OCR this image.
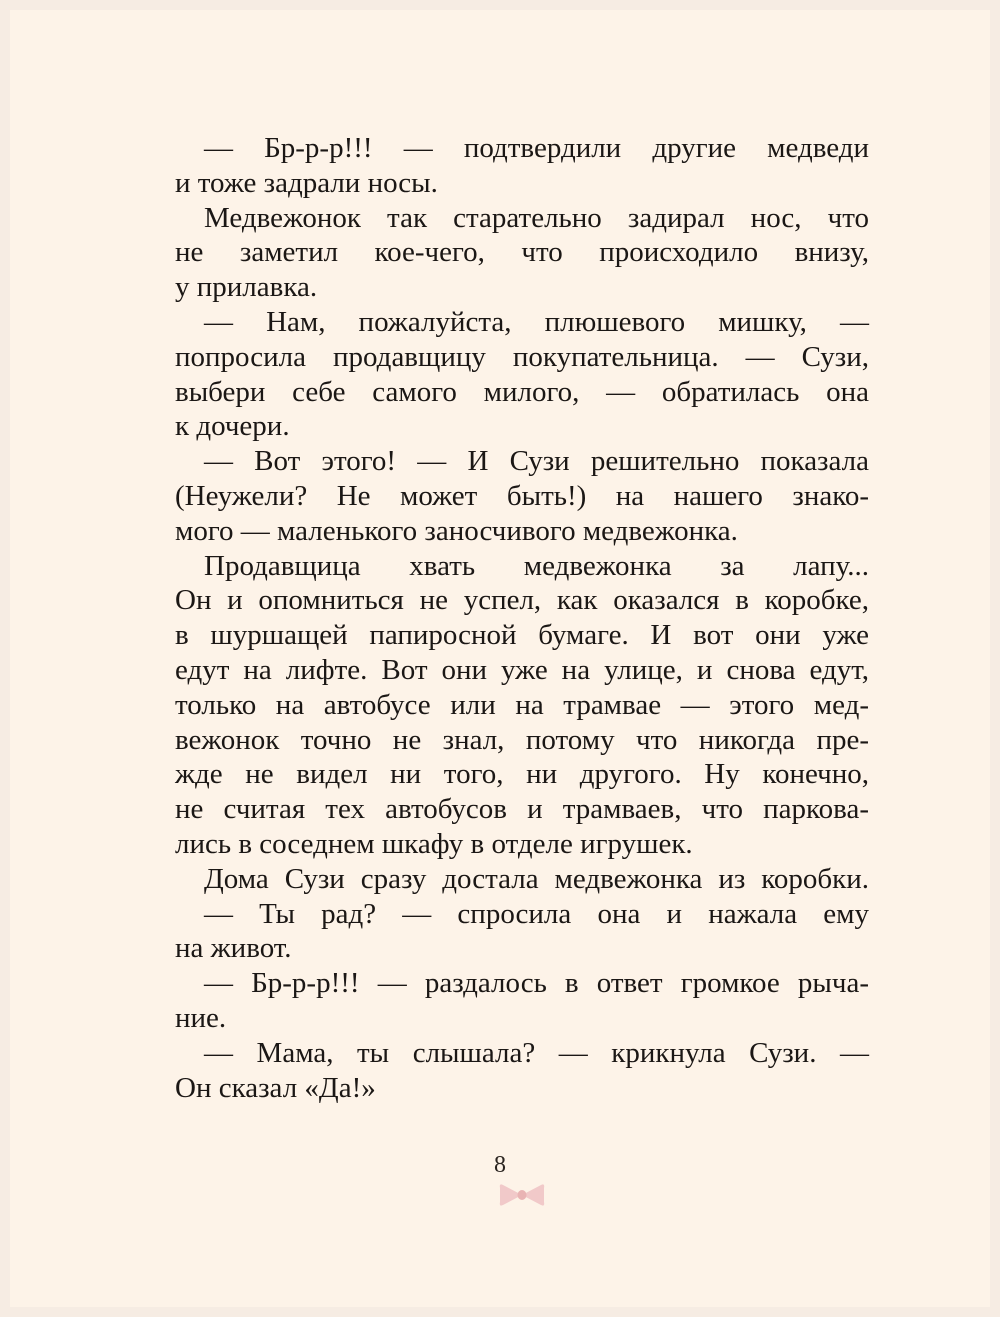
— Бр-р-р!!! — подтвердили другие медведи
и тоже задрали носы.
Медвежонок так старательно задирал нос, что
не заметил кое-чего, что происходило внизу,
у прилавка.
— Нам, пожалуйста, плюшевого мишку, —
попросила продавщицу покупательница. — Сузи,
выбери себе самого милого, — обратилась она
к дочери.
— Вот этого! — И Сузи решительно показала
(Неужели? Не может быть!) на нашего знако-
мого — маленького заносчивого медвежонка.
Продавщица хвать медвежонка за лапу...
Он и опомниться не успел, как оказался в коробке,
в шуршащей папиросной бумаге. И вот они уже
едут на лифте. Вот они уже на улице, и снова едут,
только на автобусе или на трамвае — этого мед-
вежонок точно не знал, потому что никогда пре-
жде не видел ни того, ни другого. Ну конечно,
не считая тех автобусов и трамваев, что паркова-
лись в соседнем шкафу в отделе игрушек.
Дома Сузи сразу достала медвежонка из коробки.
— Ты рад? — спросила она и нажала ему
на живот.
— Бр-р-р!!! — раздалось в ответ громкое рыча-
ние.
— Мама, ты слышала? — крикнула Сузи. —
Он сказал «Да!»
8
